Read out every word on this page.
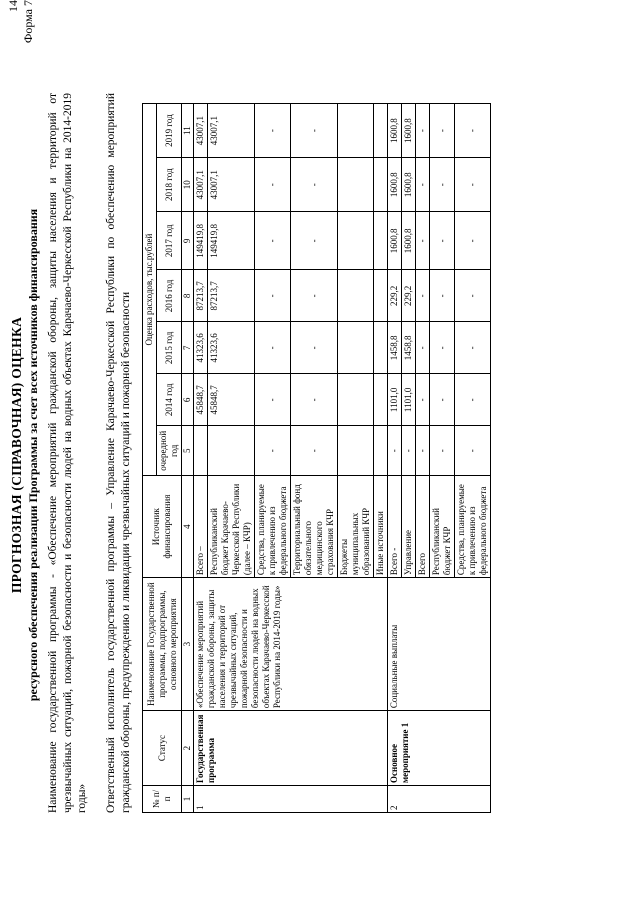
14 Форма 7
ПРОГНОЗНАЯ (СПРАВОЧНАЯ) ОЦЕНКА ресурсного обеспечения реализации Программы за счет всех источников финансирования Наименование государственной программы - «Обеспечение мероприятий гражданской обороны, защиты населения и территорий от чрезвычайных ситуаций, пожарной безопасности и безопасности людей на водных объектах Карачаево-Черкесской Республики на 2014-2019 годы» Ответственный исполнитель государственной программы – Управление Карачаево-Черкесской Республики по обеспечению мероприятий гражданской обороны, предупреждению и ликвидации чрезвычайных ситуаций и пожарной безопасности № п/п	Статус	Наименование Государственной программы, подпрограммы, основного мероприятия	Источник финансирования	Оценка расходов, тыс.рублей						
				очередной год	2014 год	2015 год	2016 год	2017 год	2018 год	2019 год
1	2	3	4	5	6	7	8	9	10	11
1	Государственная программа	«Обеспечение мероприятий гражданской обороны, защиты населения и территорий от чрезвычайных ситуаций, пожарной безопасности и безопасности людей на водных объектах Карачаево-Черкесской Республики на 2014-2019 годы»	Всего –		45848,7	41323,6	87213,7	149419,8	43007,1	43007,1
			Республиканский бюджет Карачаево-Черкесской Республики (далее – КЧР)		45848,7	41323,6	87213,7	149419,8	43007,1	43007,1
			Средства, планируемые к привлечению из федерального бюджета	-	-	-	-	-	-	-
			Территориальный фонд обязательного медицинского страхования КЧР	-	-	-	-	-	-	-
			Бюджеты муниципальных образований КЧР							
			Иные источники							
2	Основное мероприятие 1	Социальные выплаты	Всего -	-	1101,0	1458,8	229,2	1600,8	1600,8	1600,8
			Управление	-	1101,0	1458,8	229,2	1600,8	1600,8	1600,8
			Всего	-	-	-	-	-	-	-
			Республиканский бюджет КЧР	-	-	-	-	-	-	-
			Средства, планируемые к привлечению из федерального бюджета	-	-	-	-	-	-	-
